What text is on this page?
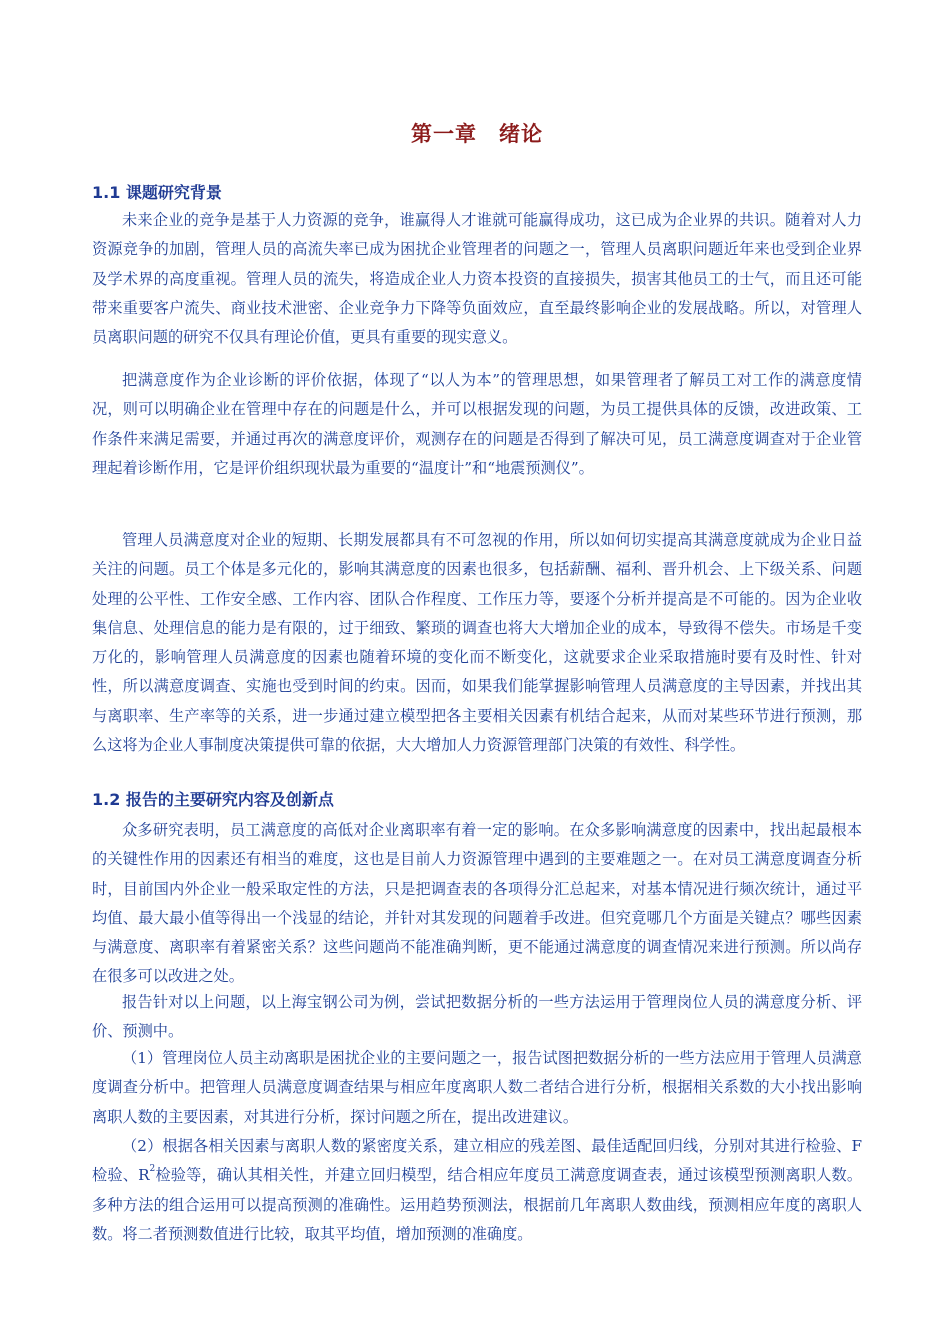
第一章　绪论
1.1 课题研究背景

未来企业的竞争是基于人力资源的竞争，谁赢得人才谁就可能赢得成功，这已成为企业界的共识。随着对人力资源竞争的加剧，管理人员的高流失率已成为困扰企业管理者的问题之一，管理人员离职问题近年来也受到企业界及学术界的高度重视。管理人员的流失，将造成企业人力资本投资的直接损失，损害其他员工的士气，而且还可能带来重要客户流失、商业技术泄密、企业竞争力下降等负面效应，直至最终影响企业的发展战略。所以，对管理人员离职问题的研究不仅具有理论价值，更具有重要的现实意义。

把满意度作为企业诊断的评价依据，体现了“以人为本”的管理思想，如果管理者了解员工对工作的满意度情况，则可以明确企业在管理中存在的问题是什么，并可以根据发现的问题，为员工提供具体的反馈，改进政策、工作条件来满足需要，并通过再次的满意度评价，观测存在的问题是否得到了解决可见，员工满意度调查对于企业管理起着诊断作用，它是评价组织现状最为重要的“温度计”和“地震预测仪”。

管理人员满意度对企业的短期、长期发展都具有不可忽视的作用，所以如何切实提高其满意度就成为企业日益关注的问题。员工个体是多元化的，影响其满意度的因素也很多，包括薪酬、福利、晋升机会、上下级关系、问题处理的公平性、工作安全感、工作内容、团队合作程度、工作压力等，要逐个分析并提高是不可能的。因为企业收集信息、处理信息的能力是有限的，过于细致、繁琐的调查也将大大增加企业的成本，导致得不偿失。市场是千变万化的，影响管理人员满意度的因素也随着环境的变化而不断变化，这就要求企业采取措施时要有及时性、针对性，所以满意度调查、实施也受到时间的约束。因而，如果我们能掌握影响管理人员满意度的主导因素，并找出其与离职率、生产率等的关系，进一步通过建立模型把各主要相关因素有机结合起来，从而对某些环节进行预测，那么这将为企业人事制度决策提供可靠的依据，大大增加人力资源管理部门决策的有效性、科学性。

1.2 报告的主要研究内容及创新点

众多研究表明，员工满意度的高低对企业离职率有着一定的影响。在众多影响满意度的因素中，找出起最根本的关键性作用的因素还有相当的难度，这也是目前人力资源管理中遇到的主要难题之一。在对员工满意度调查分析时，目前国内外企业一般采取定性的方法，只是把调查表的各项得分汇总起来，对基本情况进行频次统计，通过平均值、最大最小值等得出一个浅显的结论，并针对其发现的问题着手改进。但究竟哪几个方面是关键点？哪些因素与满意度、离职率有着紧密关系？这些问题尚不能准确判断，更不能通过满意度的调查情况来进行预测。所以尚存在很多可以改进之处。

报告针对以上问题，以上海宝钢公司为例，尝试把数据分析的一些方法运用于管理岗位人员的满意度分析、评价、预测中。

（1）管理岗位人员主动离职是困扰企业的主要问题之一，报告试图把数据分析的一些方法应用于管理人员满意度调查分析中。把管理人员满意度调查结果与相应年度离职人数二者结合进行分析，根据相关系数的大小找出影响离职人数的主要因素，对其进行分析，探讨问题之所在，提出改进建议。

（2）根据各相关因素与离职人数的紧密度关系，建立相应的残差图、最佳适配回归线，分别对其进行检验、F检验、$R^2$检验等，确认其相关性，并建立回归模型，结合相应年度员工满意度调查表，通过该模型预测离职人数。多种方法的组合运用可以提高预测的准确性。运用趋势预测法，根据前几年离职人数曲线，预测相应年度的离职人数。将二者预测数值进行比较，取其平均值，增加预测的准确度。
